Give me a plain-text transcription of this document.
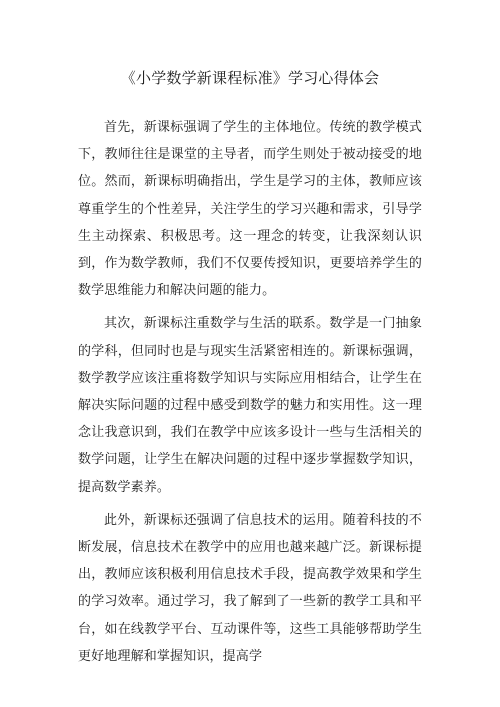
《小学数学新课程标准》学习心得体会

首先，新课标强调了学生的主体地位。传统的教学模式下，教师往往是课堂的主导者，而学生则处于被动接受的地位。然而，新课标明确指出，学生是学习的主体，教师应该尊重学生的个性差异，关注学生的学习兴趣和需求，引导学生主动探索、积极思考。这一理念的转变，让我深刻认识到，作为数学教师，我们不仅要传授知识，更要培养学生的数学思维能力和解决问题的能力。

其次，新课标注重数学与生活的联系。数学是一门抽象的学科，但同时也是与现实生活紧密相连的。新课标强调，数学教学应该注重将数学知识与实际应用相结合，让学生在解决实际问题的过程中感受到数学的魅力和实用性。这一理念让我意识到，我们在教学中应该多设计一些与生活相关的数学问题，让学生在解决问题的过程中逐步掌握数学知识，提高数学素养。

此外，新课标还强调了信息技术的运用。随着科技的不断发展，信息技术在教学中的应用也越来越广泛。新课标提出，教师应该积极利用信息技术手段，提高教学效果和学生的学习效率。通过学习，我了解到了一些新的教学工具和平台，如在线教学平台、互动课件等，这些工具能够帮助学生更好地理解和掌握知识，提高学
